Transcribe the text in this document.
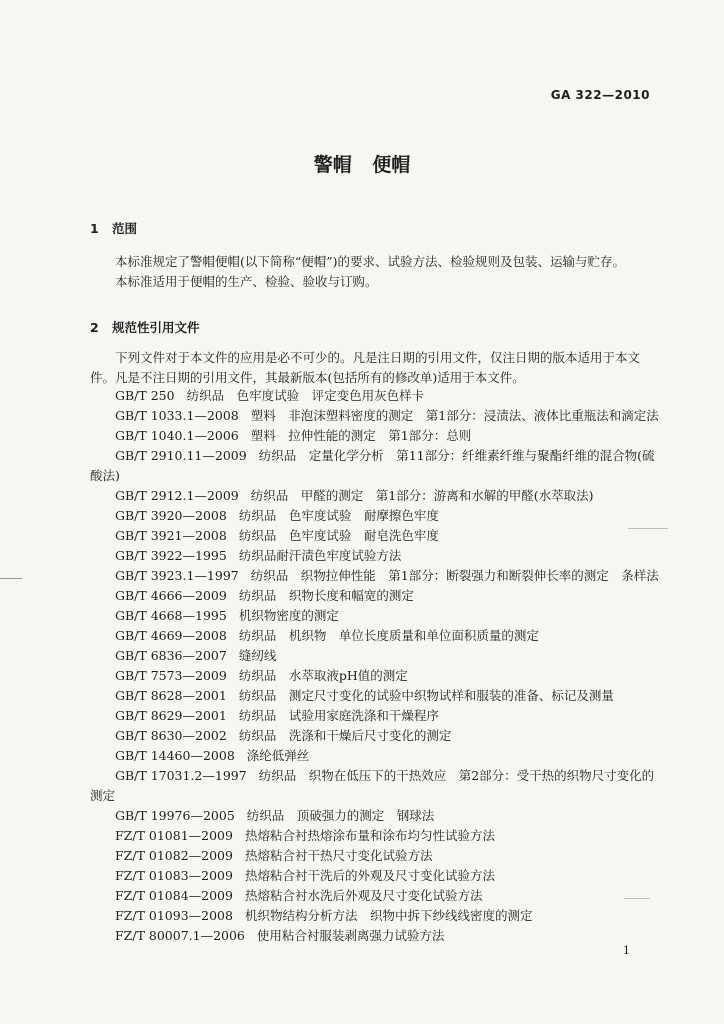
GA 322—2010
警帽 便帽
1 范围
本标准规定了警帽便帽(以下简称“便帽”)的要求、试验方法、检验规则及包装、运输与贮存。
本标准适用于便帽的生产、检验、验收与订购。
2 规范性引用文件
下列文件对于本文件的应用是必不可少的。凡是注日期的引用文件，仅注日期的版本适用于本文件。凡是不注日期的引用文件，其最新版本(包括所有的修改单)适用于本文件。
GB/T 250 纺织品　色牢度试验　评定变色用灰色样卡
GB/T 1033.1—2008 塑料　非泡沫塑料密度的测定　第1部分：浸渍法、液体比重瓶法和滴定法
GB/T 1040.1—2006 塑料　拉伸性能的测定　第1部分：总则
GB/T 2910.11—2009 纺织品　定量化学分析　第11部分：纤维素纤维与聚酯纤维的混合物(硫酸法)
GB/T 2912.1—2009 纺织品　甲醛的测定　第1部分：游离和水解的甲醛(水萃取法)
GB/T 3920—2008 纺织品　色牢度试验　耐摩擦色牢度
GB/T 3921—2008 纺织品　色牢度试验　耐皂洗色牢度
GB/T 3922—1995 纺织品耐汗渍色牢度试验方法
GB/T 3923.1—1997 纺织品　织物拉伸性能　第1部分：断裂强力和断裂伸长率的测定　条样法
GB/T 4666—2009 纺织品　织物长度和幅宽的测定
GB/T 4668—1995 机织物密度的测定
GB/T 4669—2008 纺织品　机织物　单位长度质量和单位面积质量的测定
GB/T 6836—2007 缝纫线
GB/T 7573—2009 纺织品　水萃取液pH值的测定
GB/T 8628—2001 纺织品　测定尺寸变化的试验中织物试样和服装的准备、标记及测量
GB/T 8629—2001 纺织品　试验用家庭洗涤和干燥程序
GB/T 8630—2002 纺织品　洗涤和干燥后尺寸变化的测定
GB/T 14460—2008 涤纶低弹丝
GB/T 17031.2—1997 纺织品　织物在低压下的干热效应　第2部分：受干热的织物尺寸变化的测定
GB/T 19976—2005 纺织品　顶破强力的测定　钢球法
FZ/T 01081—2009 热熔粘合衬热熔涂布量和涂布均匀性试验方法
FZ/T 01082—2009 热熔粘合衬干热尺寸变化试验方法
FZ/T 01083—2009 热熔粘合衬干洗后的外观及尺寸变化试验方法
FZ/T 01084—2009 热熔粘合衬水洗后外观及尺寸变化试验方法
FZ/T 01093—2008 机织物结构分析方法　织物中拆下纱线线密度的测定
FZ/T 80007.1—2006 使用粘合衬服装剥离强力试验方法
1
